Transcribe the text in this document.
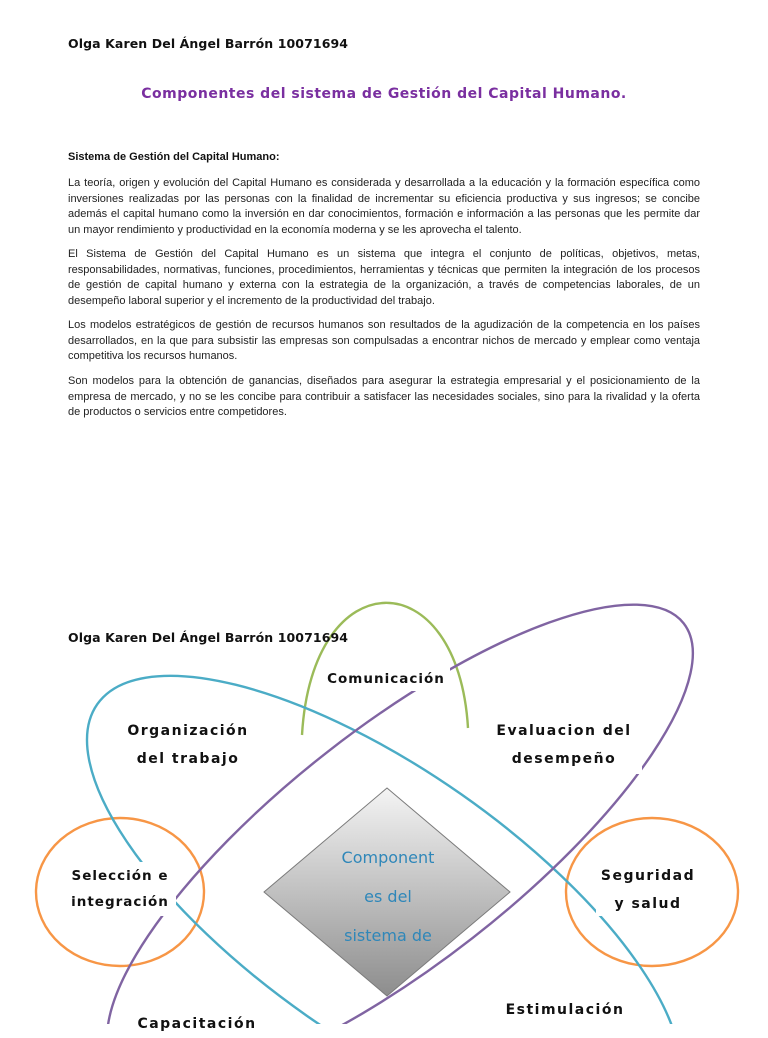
Olga Karen Del Ángel Barrón 10071694
Componentes del sistema de Gestión del Capital Humano.
Sistema de Gestión del Capital Humano:

La teoría, origen y evolución del Capital Humano es considerada y desarrollada a la educación y la formación específica como inversiones realizadas por las personas con la finalidad de incrementar su eficiencia productiva y sus ingresos; se concibe además el capital humano como la inversión en dar conocimientos, formación e información a las personas que les permite dar un mayor rendimiento y productividad en la economía moderna y se les aprovecha el talento.

El Sistema de Gestión del Capital Humano es un sistema que integra el conjunto de políticas, objetivos, metas, responsabilidades, normativas, funciones, procedimientos, herramientas y técnicas que permiten la integración de los procesos de gestión de capital humano y externa con la estrategia de la organización, a través de competencias laborales, de un desempeño laboral superior y el incremento de la productividad del trabajo.

Los modelos estratégicos de gestión de recursos humanos son resultados de la agudización de la competencia en los países desarrollados, en la que para subsistir las empresas son compulsadas a encontrar nichos de mercado y emplear como ventaja competitiva los recursos humanos.

Son modelos para la obtención de ganancias, diseñados para asegurar la estrategia empresarial y el posicionamiento de la empresa de mercado, y no se les concibe para contribuir a satisfacer las necesidades sociales, sino para la rivalidad y la oferta de productos o servicios entre competidores.

Olga Karen Del Ángel Barrón 10071694
Comunicación
Organización
del trabajo
Evaluacion del
desempeño
Selección e
integración
Seguridad
y salud
Estimulación
Capacitación
Component
es del
sistema de
